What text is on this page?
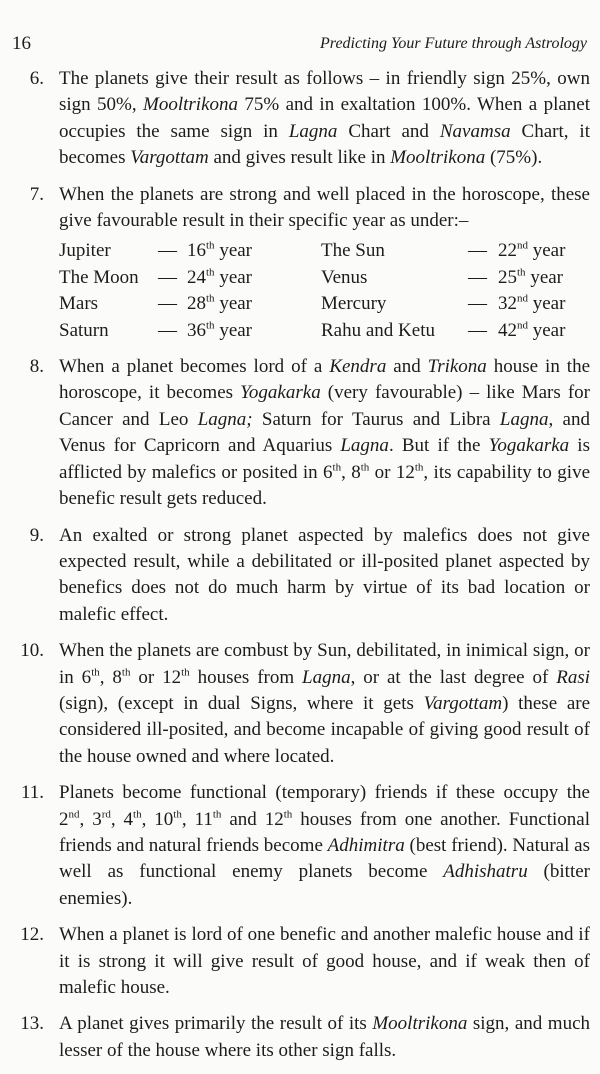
16	Predicting Your Future through Astrology
6. The planets give their result as follows – in friendly sign 25%, own sign 50%, Mooltrikona 75% and in exaltation 100%. When a planet occupies the same sign in Lagna Chart and Navamsa Chart, it becomes Vargottam and gives result like in Mooltrikona (75%).

7. When the planets are strong and well placed in the horoscope, these give favourable result in their specific year as under:–

Jupiter	—	16th year	The Sun	—	22nd year
The Moon	—	24th year	Venus	—	25th year
Mars	—	28th year	Mercury	—	32nd year
Saturn	—	36th year	Rahu and Ketu	—	42nd year
8. When a planet becomes lord of a Kendra and Trikona house in the horoscope, it becomes Yogakarka (very favourable) – like Mars for Cancer and Leo Lagna; Saturn for Taurus and Libra Lagna, and Venus for Capricorn and Aquarius Lagna. But if the Yogakarka is afflicted by malefics or posited in 6th, 8th or 12th, its capability to give benefic result gets reduced.

9. An exalted or strong planet aspected by malefics does not give expected result, while a debilitated or ill-posited planet aspected by benefics does not do much harm by virtue of its bad location or malefic effect.

10. When the planets are combust by Sun, debilitated, in inimical sign, or in 6th, 8th or 12th houses from Lagna, or at the last degree of Rasi (sign), (except in dual Signs, where it gets Vargottam) these are considered ill-posited, and become incapable of giving good result of the house owned and where located.

11. Planets become functional (temporary) friends if these occupy the 2nd, 3rd, 4th, 10th, 11th and 12th houses from one another. Functional friends and natural friends become Adhimitra (best friend). Natural as well as functional enemy planets become Adhishatru (bitter enemies).

12. When a planet is lord of one benefic and another malefic house and if it is strong it will give result of good house, and if weak then of malefic house.

13. A planet gives primarily the result of its Mooltrikona sign, and much lesser of the house where its other sign falls.
